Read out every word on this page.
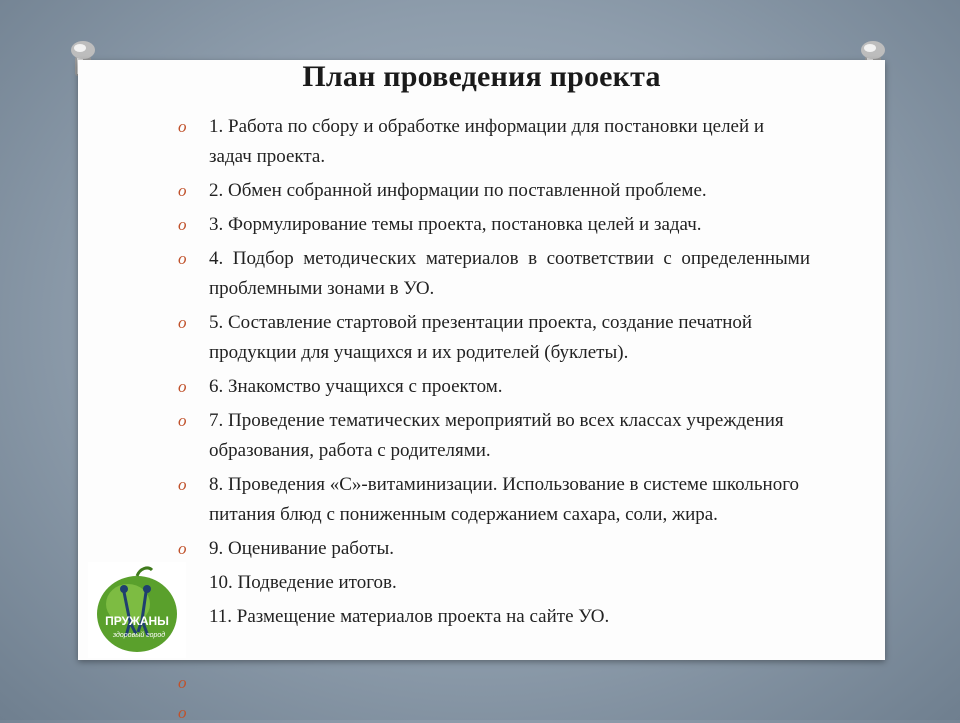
План проведения проекта
o 1. Работа по сбору и обработке информации для постановки целей и задач проекта.
o 2. Обмен собранной информации по поставленной проблеме.
o 3. Формулирование темы проекта, постановка целей и задач.
o 4. Подбор методических материалов в соответствии с определенными проблемными зонами в УО.
o 5. Составление стартовой презентации проекта, создание печатной продукции для учащихся и их родителей (буклеты).
o 6. Знакомство учащихся с проектом.
o 7. Проведение тематических мероприятий во всех классах учреждения образования, работа с родителями.
o 8. Проведения «С»-витаминизации. Использование в системе школьного питания блюд с пониженным содержанием сахара, соли, жира.
o 9. Оценивание работы.
10. Подведение итогов.
11. Размещение материалов проекта на сайте УО.
o
o
ПРУЖАНЫ
здоровый город
